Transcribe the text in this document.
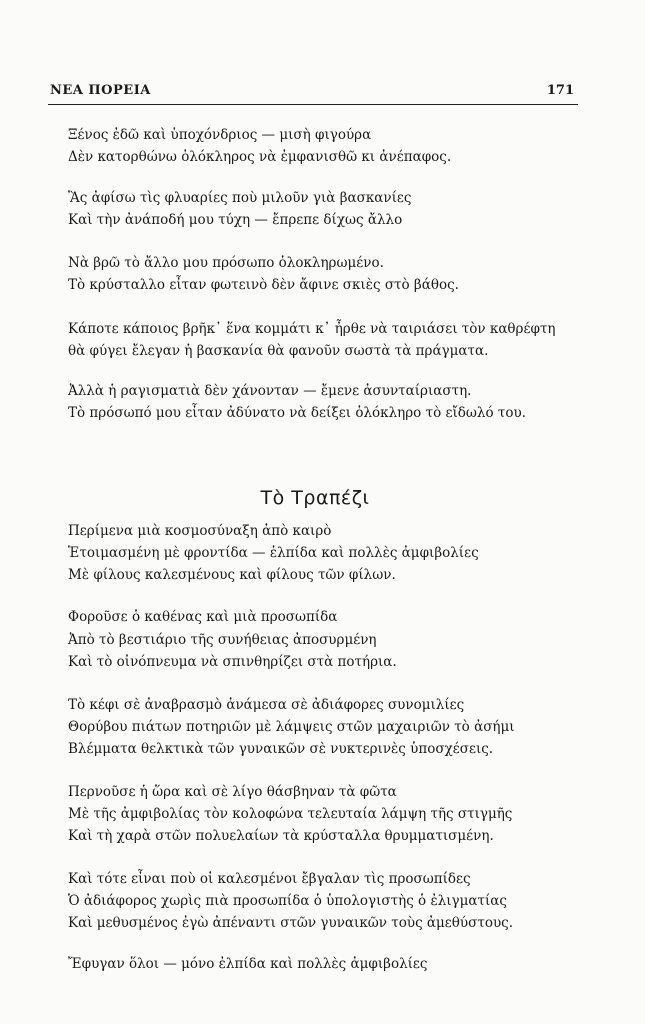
ΝΕΑ ΠΟΡΕΙΑ	171
Ξένος ἐδῶ καὶ ὑποχόνδριος — μισὴ φιγούρα
Δὲν κατορθώνω ὁλόκληρος νὰ ἐμφανισθῶ κι ἀνέπαφος.
Ἂς ἀφίσω τὶς φλυαρίες ποὺ μιλοῦν γιὰ βασκανίες
Καὶ τὴν ἀνάποδή μου τύχη — ἔπρεπε δίχως ἄλλο
Νὰ βρῶ τὸ ἄλλο μου πρόσωπο ὁλοκληρωμένο.
Τὸ κρύσταλλο εἶταν φωτεινὸ δὲν ἄφινε σκιὲς στὸ βάθος.
Κάποτε κάποιος βρῆκ᾽ ἕνα κομμάτι κ᾽ ἦρθε νὰ ταιριάσει τὸν καθρέφτη
θὰ φύγει ἔλεγαν ἡ βασκανία θὰ φανοῦν σωστὰ τὰ πράγματα.
Ἀλλὰ ἡ ραγισματιὰ δὲν χάνονταν — ἔμενε ἀσυνταίριαστη.
Τὸ πρόσωπό μου εἶταν ἀδύνατο νὰ δείξει ὁλόκληρο τὸ εἴδωλό του.
Τὸ Τραπέζι
Περίμενα μιὰ κοσμοσύναξη ἀπὸ καιρὸ
Ἑτοιμασμένη μὲ φροντίδα — ἐλπίδα καὶ πολλὲς ἀμφιβολίες
Μὲ φίλους καλεσμένους καὶ φίλους τῶν φίλων.
Φοροῦσε ὁ καθένας καὶ μιὰ προσωπίδα
Ἀπὸ τὸ βεστιάριο τῆς συνήθειας ἀποσυρμένη
Καὶ τὸ οἰνόπνευμα νὰ σπινθηρίζει στὰ ποτήρια.
Τὸ κέφι σὲ ἀναβρασμὸ ἀνάμεσα σὲ ἀδιάφορες συνομιλίες
Θορύβου πιάτων ποτηριῶν μὲ λάμψεις στῶν μαχαιριῶν τὸ ἀσήμι
Βλέμματα θελκτικὰ τῶν γυναικῶν σὲ νυκτερινὲς ὑποσχέσεις.
Περνοῦσε ἡ ὥρα καὶ σὲ λίγο θάσβηναν τὰ φῶτα
Μὲ τῆς ἀμφιβολίας τὸν κολοφώνα τελευταία λάμψη τῆς στιγμῆς
Καὶ τὴ χαρὰ στῶν πολυελαίων τὰ κρύσταλλα θρυμματισμένη.
Καὶ τότε εἶναι ποὺ οἱ καλεσμένοι ἔβγαλαν τὶς προσωπίδες
Ὁ ἀδιάφορος χωρὶς πιὰ προσωπίδα ὁ ὑπολογιστὴς ὁ ἐλιγματίας
Καὶ μεθυσμένος ἐγὼ ἀπέναντι στῶν γυναικῶν τοὺς ἀμεθύστους.
Ἔφυγαν ὅλοι — μόνο ἐλπίδα καὶ πολλὲς ἀμφιβολίες
